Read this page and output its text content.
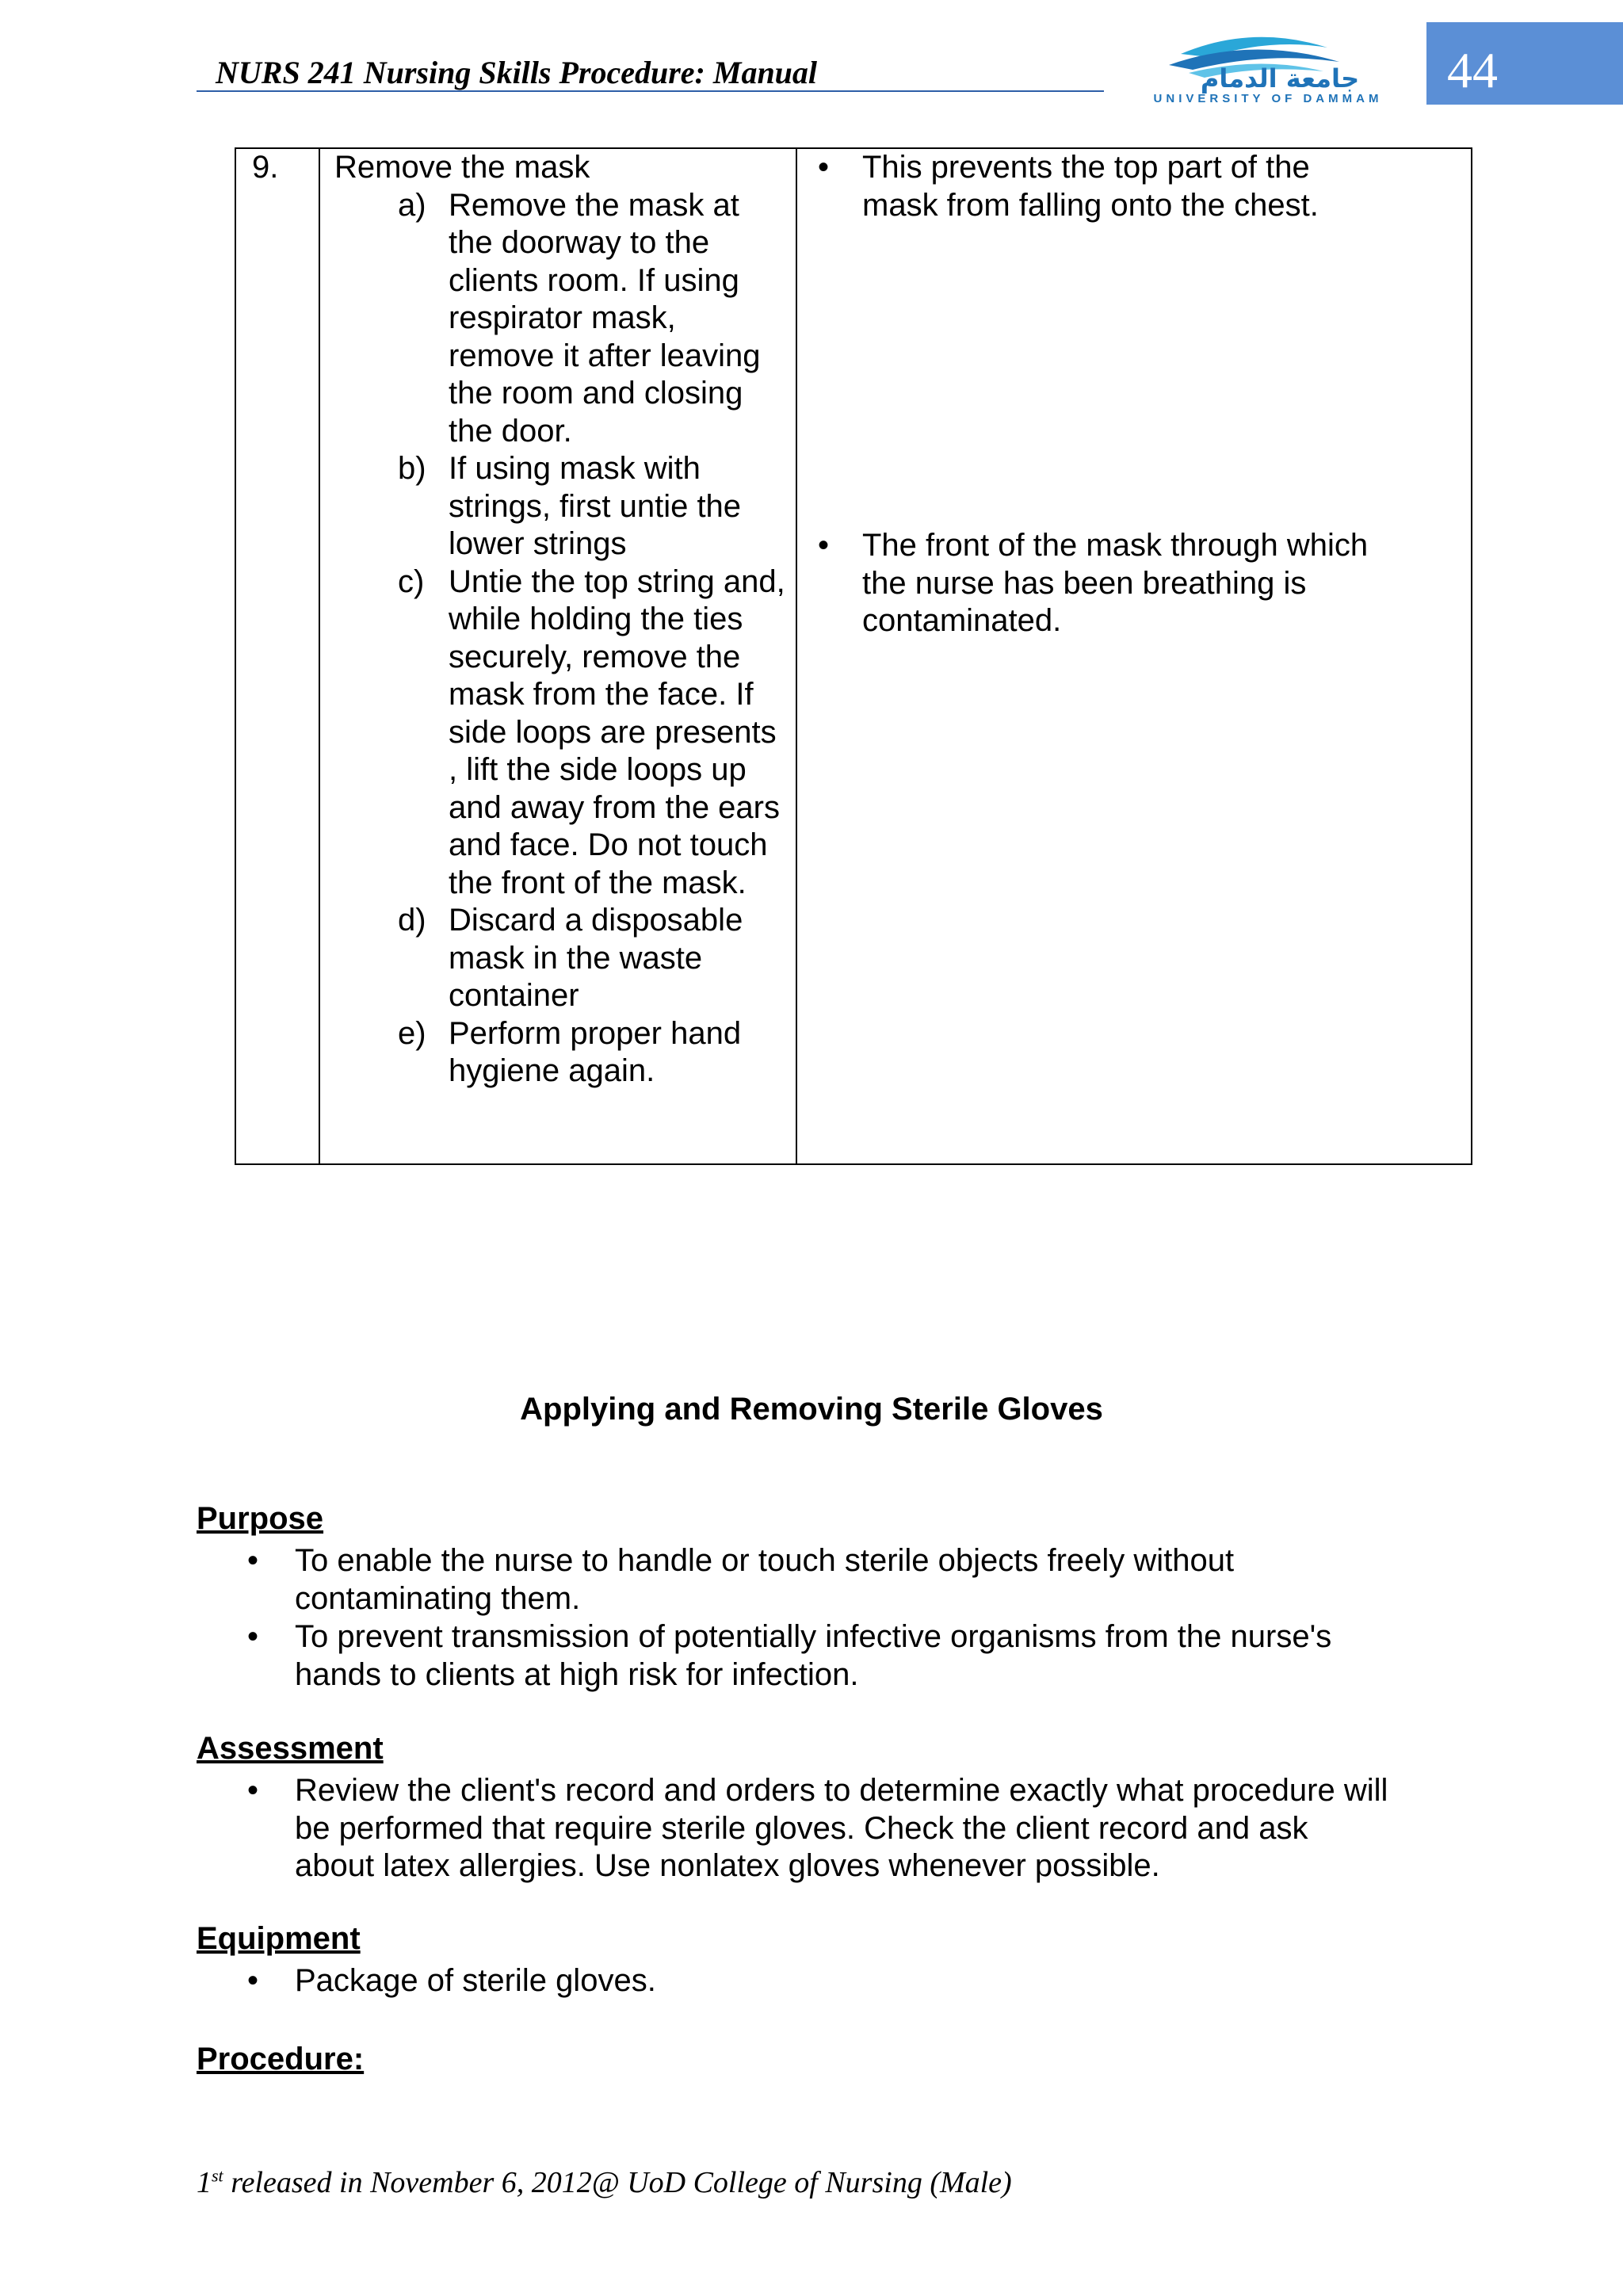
NURS 241 Nursing Skills Procedure: Manual	جامعة الدمام
UNIVERSITY OF DAMMAM
44
9. Remove the mask
a) Remove the mask at
the doorway to the
clients room. If using
respirator mask,
remove it after leaving
the room and closing
the door.
b) If using mask with
strings, first untie the
lower strings
c) Untie the top string and,
while holding the ties
securely, remove the
mask from the face. If
side loops are presents
, lift the side loops up
and away from the ears
and face. Do not touch
the front of the mask.
d) Discard a disposable
mask in the waste
container
e) Perform proper hand
hygiene again.
• This prevents the top part of the
mask from falling onto the chest.
• The front of the mask through which
the nurse has been breathing is
contaminated.
Applying and Removing Sterile Gloves
Purpose
• To enable the nurse to handle or touch sterile objects freely without
contaminating them.
• To prevent transmission of potentially infective organisms from the nurse's
hands to clients at high risk for infection.
Assessment
• Review the client's record and orders to determine exactly what procedure will
be performed that require sterile gloves. Check the client record and ask
about latex allergies. Use nonlatex gloves whenever possible.
Equipment
• Package of sterile gloves.
Procedure:
1st released in November 6, 2012@ UoD College of Nursing (Male)
